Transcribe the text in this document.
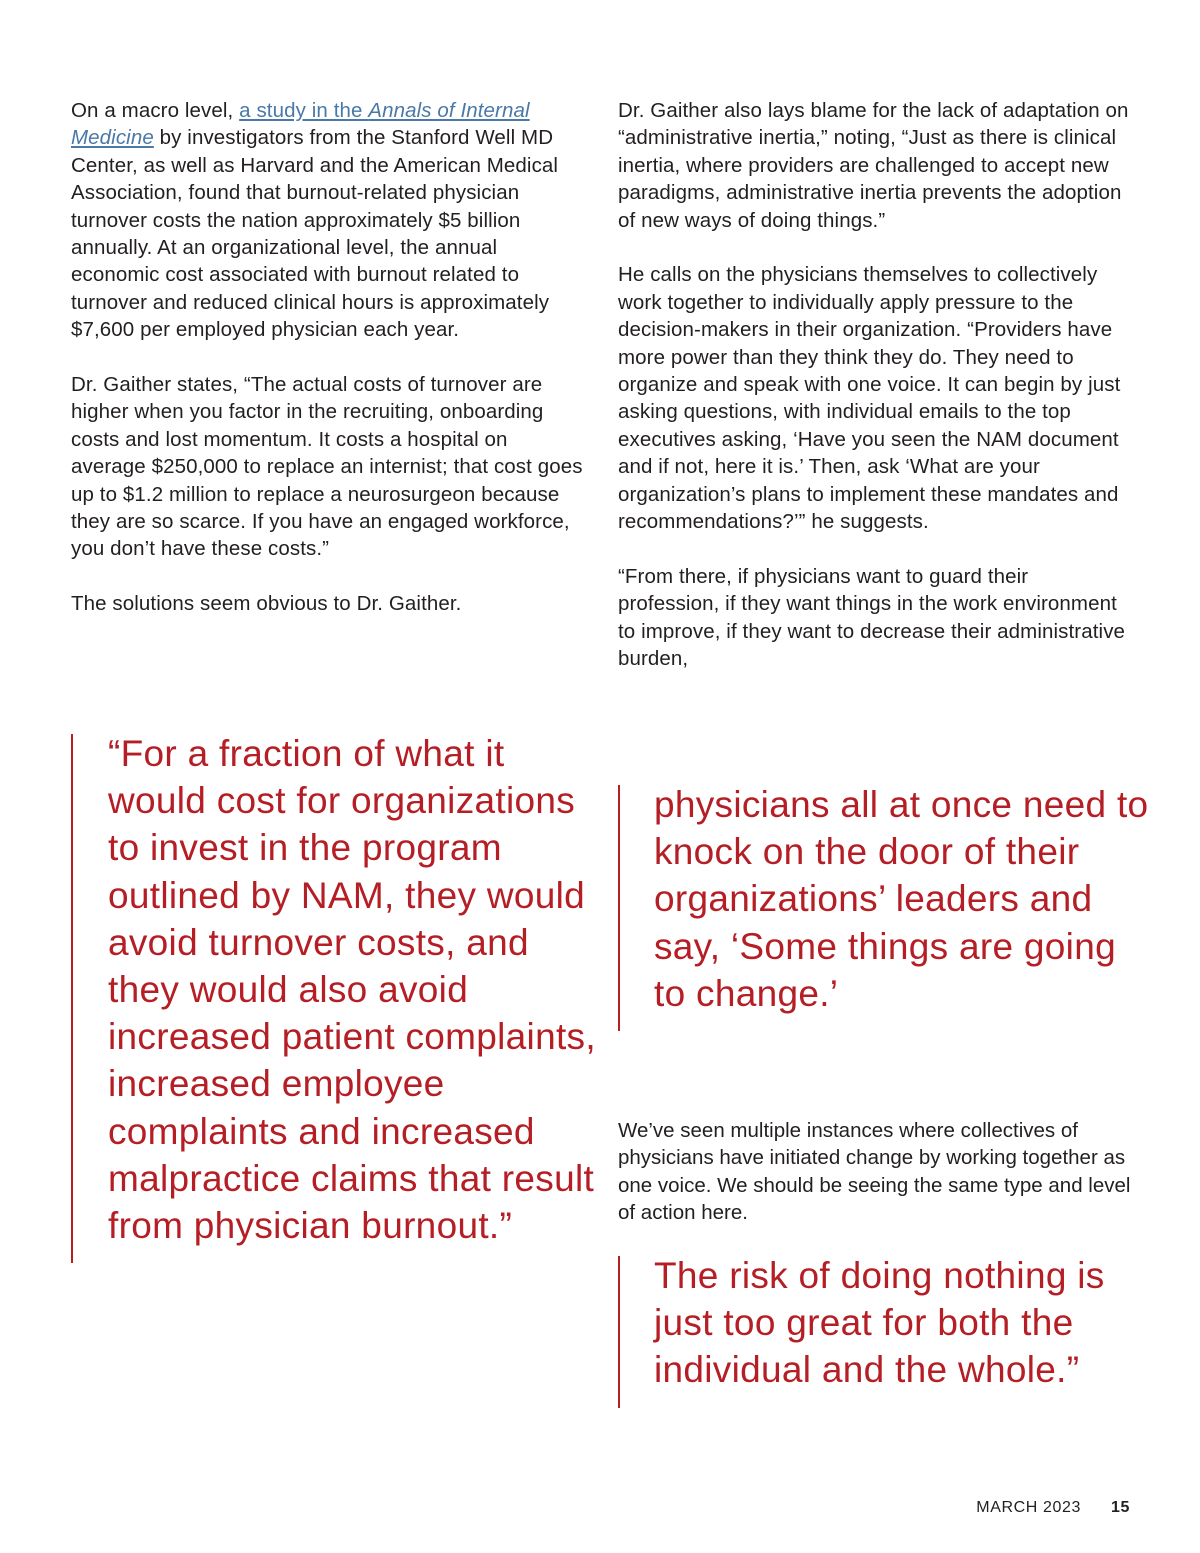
On a macro level, a study in the Annals of Internal Medicine by investigators from the Stanford Well MD Center, as well as Harvard and the American Medical Association, found that burnout-related physician turnover costs the nation approximately $5 billion annually. At an organizational level, the annual economic cost associated with burnout related to turnover and reduced clinical hours is approximately $7,600 per employed physician each year.

Dr. Gaither states, “The actual costs of turnover are higher when you factor in the recruiting, onboarding costs and lost momentum. It costs a hospital on average $250,000 to replace an internist; that cost goes up to $1.2 million to replace a neurosurgeon because they are so scarce. If you have an engaged workforce, you don’t have these costs.”

The solutions seem obvious to Dr. Gaither.

“For a fraction of what it would cost for organizations to invest in the program outlined by NAM, they would avoid turnover costs, and they would also avoid increased patient complaints, increased employee complaints and increased malpractice claims that result from physician burnout.”

Dr. Gaither also lays blame for the lack of adaptation on “administrative inertia,” noting, “Just as there is clinical inertia, where providers are challenged to accept new paradigms, administrative inertia prevents the adoption of new ways of doing things.”

He calls on the physicians themselves to collectively work together to individually apply pressure to the decision-makers in their organization. “Providers have more power than they think they do. They need to organize and speak with one voice. It can begin by just asking questions, with individual emails to the top executives asking, ‘Have you seen the NAM document and if not, here it is.’ Then, ask ‘What are your organization’s plans to implement these mandates and recommendations?’” he suggests.

“From there, if physicians want to guard their profession, if they want things in the work environment to improve, if they want to decrease their administrative burden,

physicians all at once need to knock on the door of their organizations’ leaders and say, ‘Some things are going to change.’

We’ve seen multiple instances where collectives of physicians have initiated change by working together as one voice. We should be seeing the same type and level of action here.

The risk of doing nothing is just too great for both the individual and the whole.”

MARCH 2023 15
